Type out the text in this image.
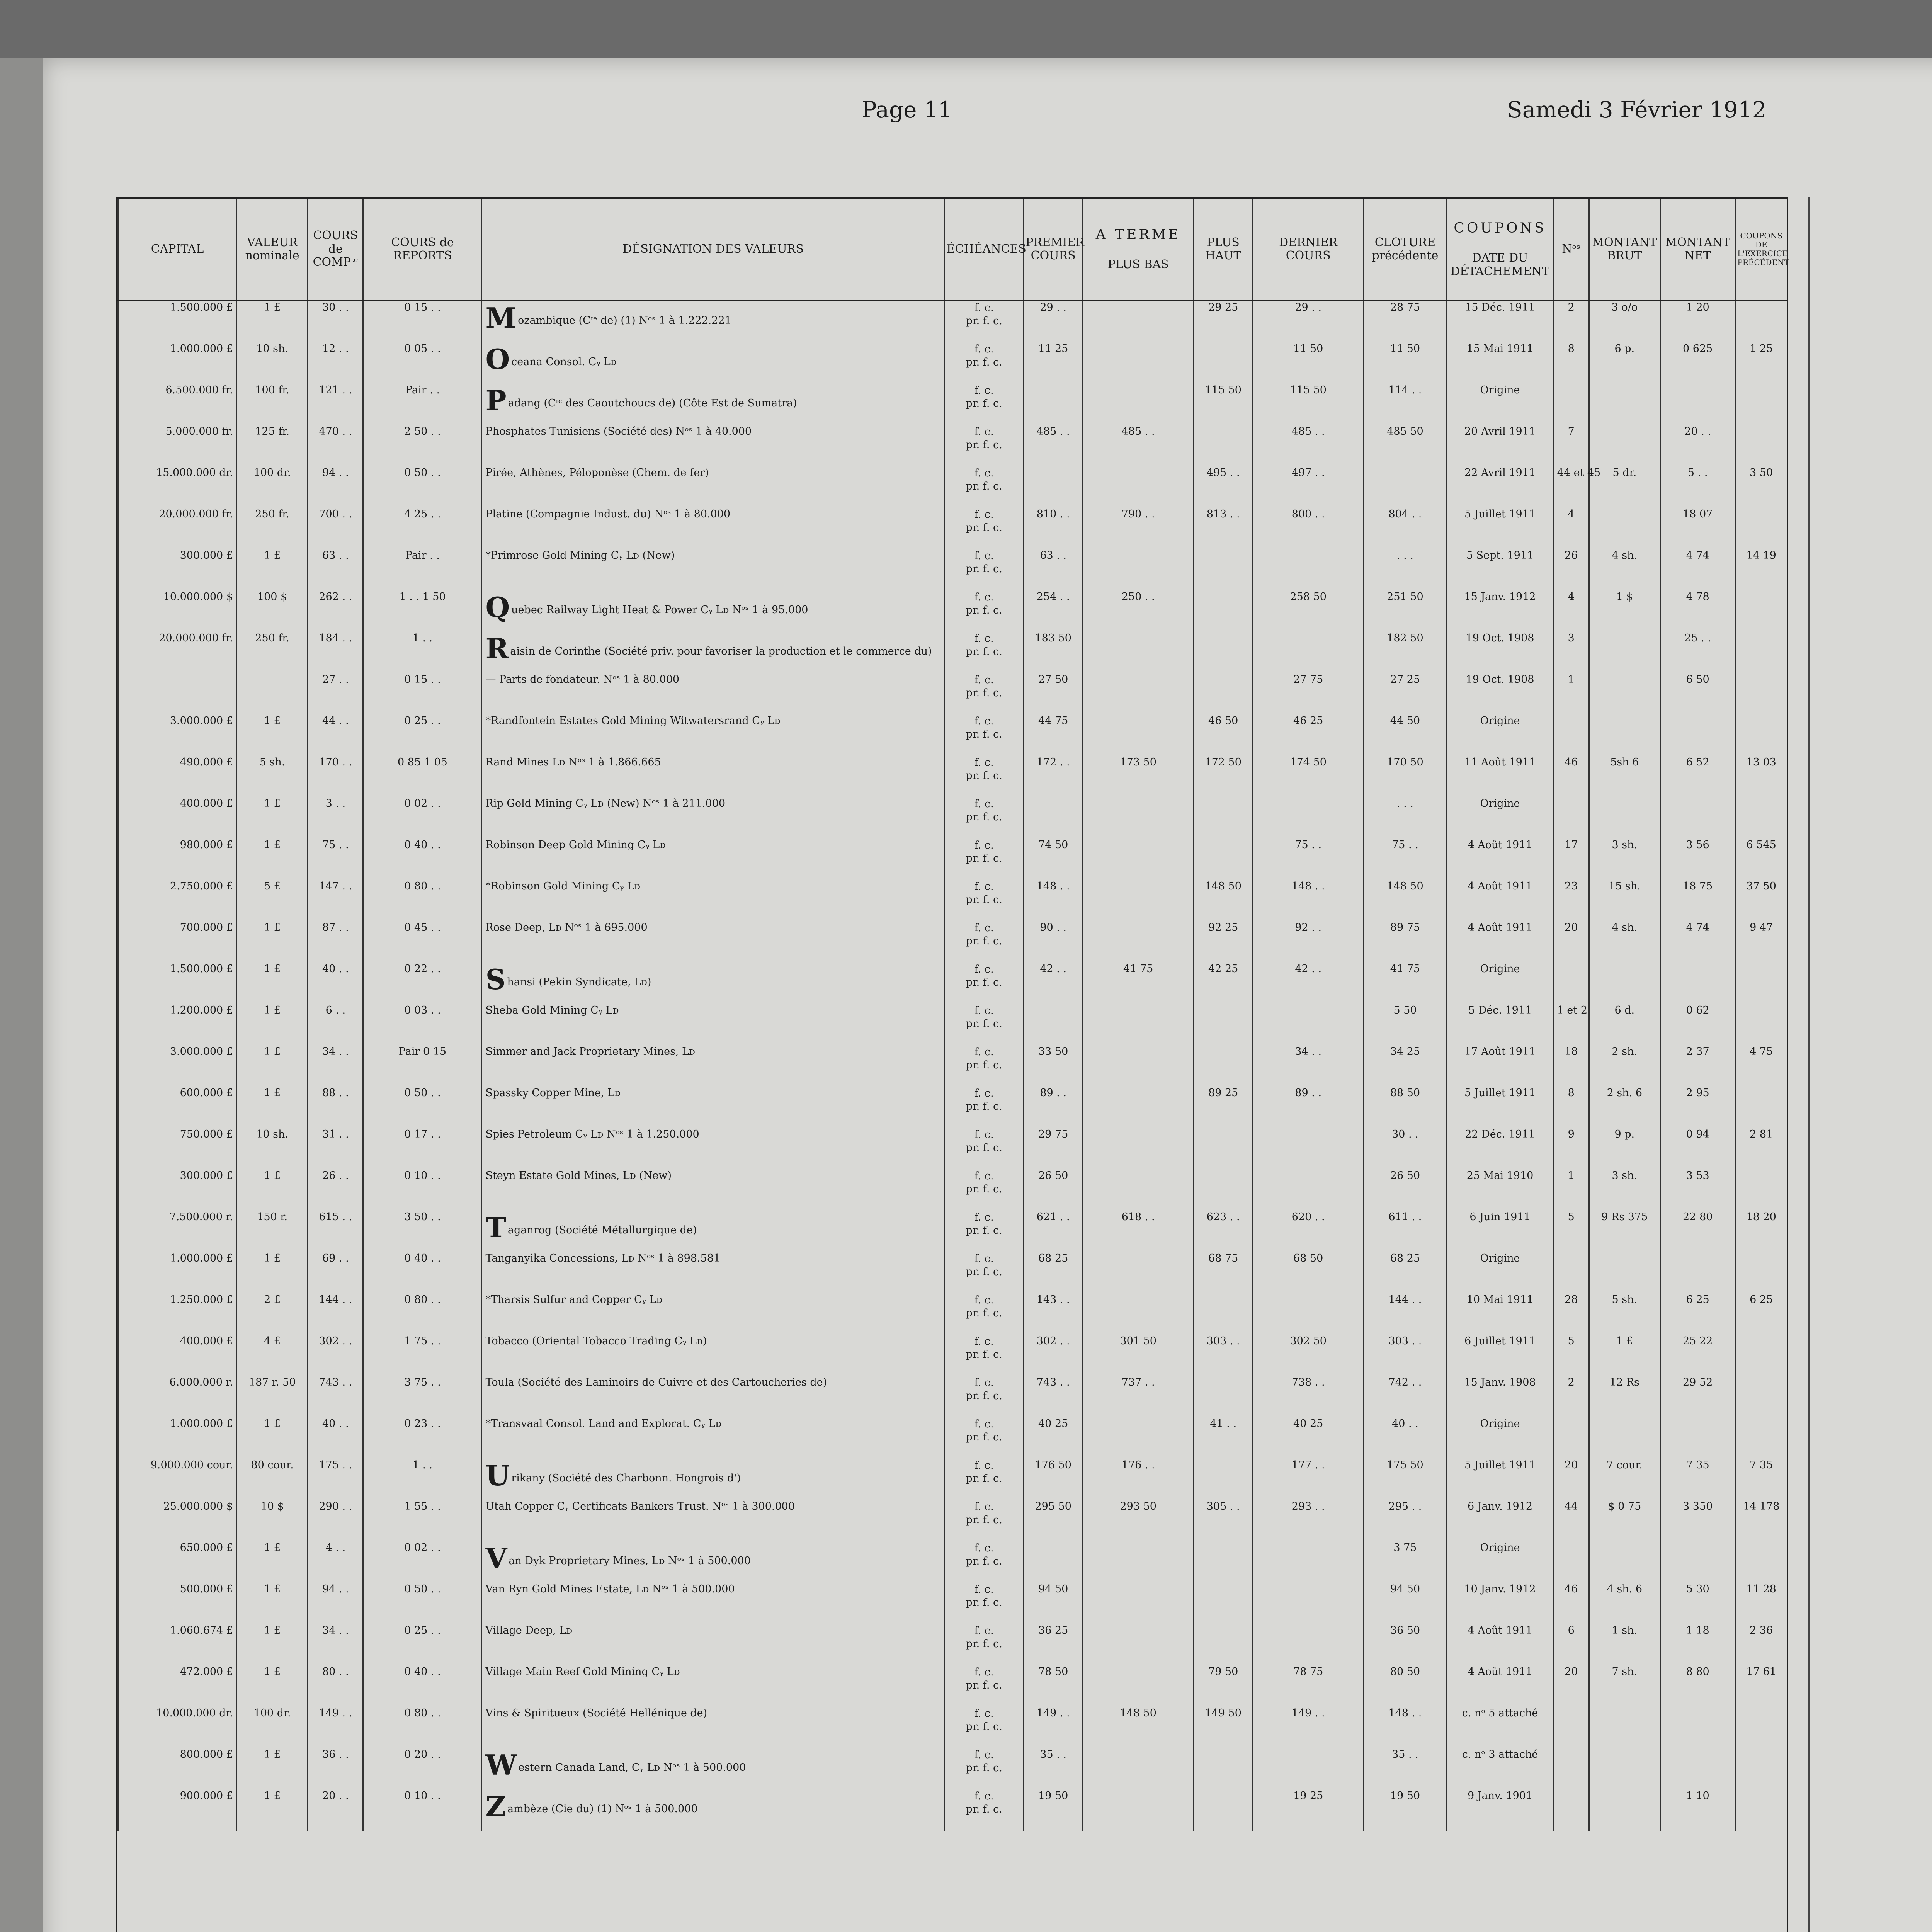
Page 11	Samedi 3 Février 1912
CAPITAL	VALEUR nominale	COURS de COMPᵗᵉ	COURS de REPORTS	DÉSIGNATION DES VALEURS	ÉCHÉANCES	PREMIER COURS	A TERME
PLUS BAS	PLUS HAUT	DERNIER COURS	CLOTURE précédente	COUPONS
DATE DU DÉTACHEMENT	Nᵒˢ	MONTANT BRUT	MONTANT NET	COUPONS DE L'EXERCICE PRÉCÉDENT
1.500.000 £	1 £	30 . .	0 15 . .	M ozambique (Cᶦᵉ de) (1) Nᵒˢ 1 à 1.222.221	f. c.
pr. f. c.	29 . .		29 25	29 . .	28 75	15 Déc. 1911	2	3 o/o	1 20	
1.000.000 £	10 sh.	12 . .	0 05 . .	O ceana Consol. Cᵧ Lᴅ	f. c.
pr. f. c.	11 25			11 50	11 50	15 Mai 1911	8	6 p.	0 625	1 25
6.500.000 fr.	100 fr.	121 . .	Pair . .	P adang (Cᶦᵉ des Caoutchoucs de) (Côte Est de Sumatra)	f. c.
pr. f. c.			115 50	115 50	114 . .	Origine				
5.000.000 fr.	125 fr.	470 . .	2 50 . .	Phosphates Tunisiens (Société des) Nᵒˢ 1 à 40.000	f. c.
pr. f. c.	485 . .	485 . .		485 . .	485 50	20 Avril 1911	7		20 . .	
15.000.000 dr.	100 dr.	94 . .	0 50 . .	Pirée, Athènes, Péloponèse (Chem. de fer)	f. c.
pr. f. c.			495 . .	497 . .		22 Avril 1911	44 et 45	5 dr.	5 . .	3 50
20.000.000 fr.	250 fr.	700 . .	4 25 . .	Platine (Compagnie Indust. du) Nᵒˢ 1 à 80.000	f. c.
pr. f. c.	810 . .	790 . .	813 . .	800 . .	804 . .	5 Juillet 1911	4		18 07	
300.000 £	1 £	63 . .	Pair . .	*Primrose Gold Mining Cᵧ Lᴅ (New)	f. c.
pr. f. c.	63 . .				. . .	5 Sept. 1911	26	4 sh.	4 74	14 19
10.000.000 $	100 $	262 . .	1 . . 1 50	Q uebec Railway Light Heat & Power Cᵧ Lᴅ Nᵒˢ 1 à 95.000	f. c.
pr. f. c.	254 . .	250 . .		258 50	251 50	15 Janv. 1912	4	1 $	4 78	
20.000.000 fr.	250 fr.	184 . .	1 . .	R aisin de Corinthe (Société priv. pour favoriser la production et le commerce du)	f. c.
pr. f. c.	183 50				182 50	19 Oct. 1908	3		25 . .	
		27 . .	0 15 . .	— Parts de fondateur. Nᵒˢ 1 à 80.000	f. c.
pr. f. c.	27 50			27 75	27 25	19 Oct. 1908	1		6 50	
3.000.000 £	1 £	44 . .	0 25 . .	*Randfontein Estates Gold Mining Witwatersrand Cᵧ Lᴅ	f. c.
pr. f. c.	44 75		46 50	46 25	44 50	Origine				
490.000 £	5 sh.	170 . .	0 85 1 05	Rand Mines Lᴅ Nᵒˢ 1 à 1.866.665	f. c.
pr. f. c.	172 . .	173 50	172 50	174 50	170 50	11 Août 1911	46	5sh 6	6 52	13 03
400.000 £	1 £	3 . .	0 02 . .	Rip Gold Mining Cᵧ Lᴅ (New) Nᵒˢ 1 à 211.000	f. c.
pr. f. c.					. . .	Origine				
980.000 £	1 £	75 . .	0 40 . .	Robinson Deep Gold Mining Cᵧ Lᴅ	f. c.
pr. f. c.	74 50			75 . .	75 . .	4 Août 1911	17	3 sh.	3 56	6 545
2.750.000 £	5 £	147 . .	0 80 . .	*Robinson Gold Mining Cᵧ Lᴅ	f. c.
pr. f. c.	148 . .		148 50	148 . .	148 50	4 Août 1911	23	15 sh.	18 75	37 50
700.000 £	1 £	87 . .	0 45 . .	Rose Deep, Lᴅ Nᵒˢ 1 à 695.000	f. c.
pr. f. c.	90 . .		92 25	92 . .	89 75	4 Août 1911	20	4 sh.	4 74	9 47
1.500.000 £	1 £	40 . .	0 22 . .	S hansi (Pekin Syndicate, Lᴅ)	f. c.
pr. f. c.	42 . .	41 75	42 25	42 . .	41 75	Origine				
1.200.000 £	1 £	6 . .	0 03 . .	Sheba Gold Mining Cᵧ Lᴅ	f. c.
pr. f. c.					5 50	5 Déc. 1911	1 et 2	6 d.	0 62	
3.000.000 £	1 £	34 . .	Pair 0 15	Simmer and Jack Proprietary Mines, Lᴅ	f. c.
pr. f. c.	33 50			34 . .	34 25	17 Août 1911	18	2 sh.	2 37	4 75
600.000 £	1 £	88 . .	0 50 . .	Spassky Copper Mine, Lᴅ	f. c.
pr. f. c.	89 . .		89 25	89 . .	88 50	5 Juillet 1911	8	2 sh. 6	2 95	
750.000 £	10 sh.	31 . .	0 17 . .	Spies Petroleum Cᵧ Lᴅ Nᵒˢ 1 à 1.250.000	f. c.
pr. f. c.	29 75				30 . .	22 Déc. 1911	9	9 p.	0 94	2 81
300.000 £	1 £	26 . .	0 10 . .	Steyn Estate Gold Mines, Lᴅ (New)	f. c.
pr. f. c.	26 50				26 50	25 Mai 1910	1	3 sh.	3 53	
7.500.000 r.	150 r.	615 . .	3 50 . .	T aganrog (Société Métallurgique de)	f. c.
pr. f. c.	621 . .	618 . .	623 . .	620 . .	611 . .	6 Juin 1911	5	9 Rs 375	22 80	18 20
1.000.000 £	1 £	69 . .	0 40 . .	Tanganyika Concessions, Lᴅ Nᵒˢ 1 à 898.581	f. c.
pr. f. c.	68 25		68 75	68 50	68 25	Origine				
1.250.000 £	2 £	144 . .	0 80 . .	*Tharsis Sulfur and Copper Cᵧ Lᴅ	f. c.
pr. f. c.	143 . .				144 . .	10 Mai 1911	28	5 sh.	6 25	6 25
400.000 £	4 £	302 . .	1 75 . .	Tobacco (Oriental Tobacco Trading Cᵧ Lᴅ)	f. c.
pr. f. c.	302 . .	301 50	303 . .	302 50	303 . .	6 Juillet 1911	5	1 £	25 22	
6.000.000 r.	187 r. 50	743 . .	3 75 . .	Toula (Société des Laminoirs de Cuivre et des Cartoucheries de)	f. c.
pr. f. c.	743 . .	737 . .		738 . .	742 . .	15 Janv. 1908	2	12 Rs	29 52	
1.000.000 £	1 £	40 . .	0 23 . .	*Transvaal Consol. Land and Explorat. Cᵧ Lᴅ	f. c.
pr. f. c.	40 25		41 . .	40 25	40 . .	Origine				
9.000.000 cour.	80 cour.	175 . .	1 . .	U rikany (Société des Charbonn. Hongrois d')	f. c.
pr. f. c.	176 50	176 . .		177 . .	175 50	5 Juillet 1911	20	7 cour.	7 35	7 35
25.000.000 $	10 $	290 . .	1 55 . .	Utah Copper Cᵧ Certificats Bankers Trust. Nᵒˢ 1 à 300.000	f. c.
pr. f. c.	295 50	293 50	305 . .	293 . .	295 . .	6 Janv. 1912	44	$ 0 75	3 350	14 178
650.000 £	1 £	4 . .	0 02 . .	V an Dyk Proprietary Mines, Lᴅ Nᵒˢ 1 à 500.000	f. c.
pr. f. c.					3 75	Origine				
500.000 £	1 £	94 . .	0 50 . .	Van Ryn Gold Mines Estate, Lᴅ Nᵒˢ 1 à 500.000	f. c.
pr. f. c.	94 50				94 50	10 Janv. 1912	46	4 sh. 6	5 30	11 28
1.060.674 £	1 £	34 . .	0 25 . .	Village Deep, Lᴅ	f. c.
pr. f. c.	36 25				36 50	4 Août 1911	6	1 sh.	1 18	2 36
472.000 £	1 £	80 . .	0 40 . .	Village Main Reef Gold Mining Cᵧ Lᴅ	f. c.
pr. f. c.	78 50		79 50	78 75	80 50	4 Août 1911	20	7 sh.	8 80	17 61
10.000.000 dr.	100 dr.	149 . .	0 80 . .	Vins & Spiritueux (Société Hellénique de)	f. c.
pr. f. c.	149 . .	148 50	149 50	149 . .	148 . .	c. nᵒ 5 attaché				
800.000 £	1 £	36 . .	0 20 . .	W estern Canada Land, Cᵧ Lᴅ Nᵒˢ 1 à 500.000	f. c.
pr. f. c.	35 . .				35 . .	c. nᵒ 3 attaché				
900.000 £	1 £	20 . .	0 10 . .	Z ambèze (Cie du) (1) Nᵒˢ 1 à 500.000	f. c.
pr. f. c.	19 50			19 25	19 50	9 Janv. 1901			1 10	
